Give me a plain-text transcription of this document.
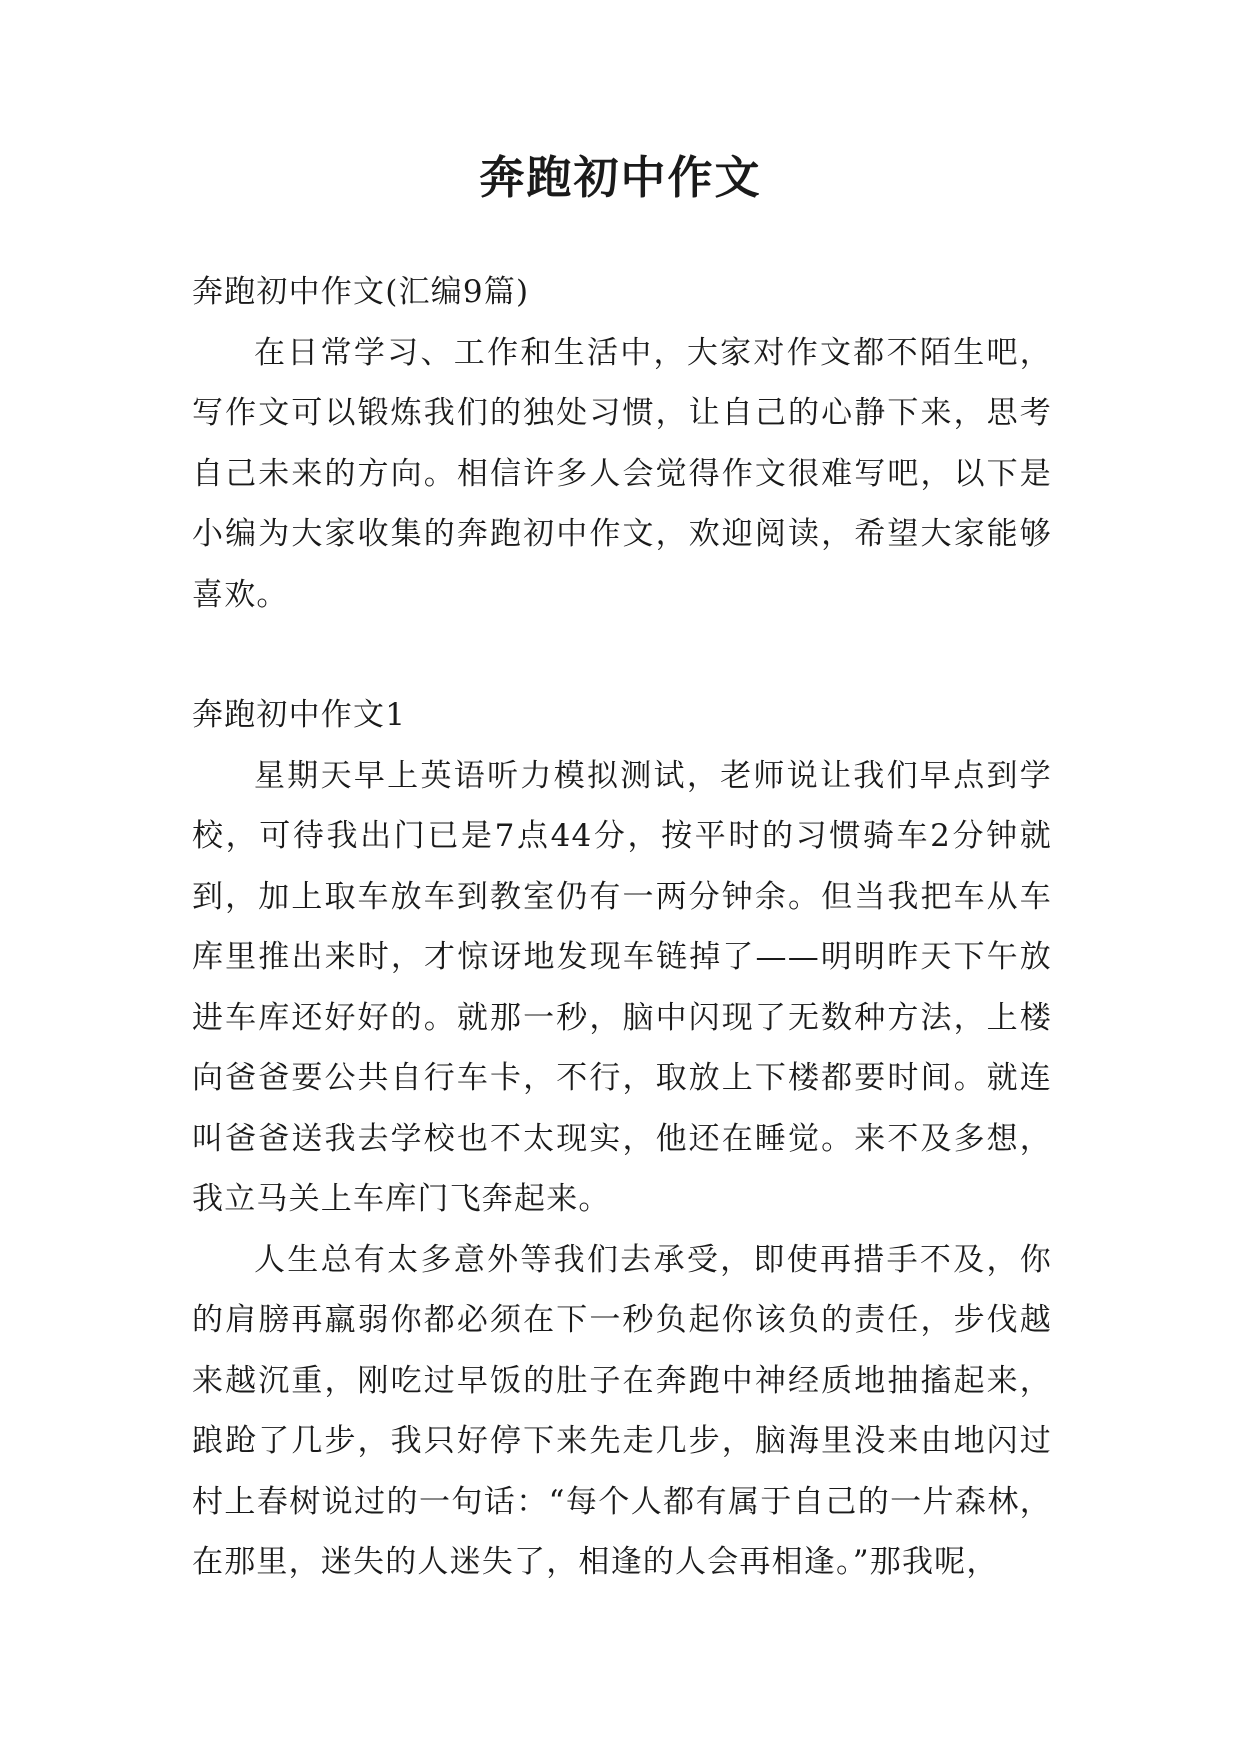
奔跑初中作文

奔跑初中作文(汇编9篇)

在日常学习、工作和生活中，大家对作文都不陌生吧，写作文可以锻炼我们的独处习惯，让自己的心静下来，思考自己未来的方向。相信许多人会觉得作文很难写吧，以下是小编为大家收集的奔跑初中作文，欢迎阅读，希望大家能够喜欢。

奔跑初中作文1

星期天早上英语听力模拟测试，老师说让我们早点到学校，可待我出门已是7点44分，按平时的习惯骑车2分钟就到，加上取车放车到教室仍有一两分钟余。但当我把车从车库里推出来时，才惊讶地发现车链掉了——明明昨天下午放进车库还好好的。就那一秒，脑中闪现了无数种方法，上楼向爸爸要公共自行车卡，不行，取放上下楼都要时间。就连叫爸爸送我去学校也不太现实，他还在睡觉。来不及多想，我立马关上车库门飞奔起来。

人生总有太多意外等我们去承受，即使再措手不及，你的肩膀再羸弱你都必须在下一秒负起你该负的责任，步伐越来越沉重，刚吃过早饭的肚子在奔跑中神经质地抽搐起来，踉跄了几步，我只好停下来先走几步，脑海里没来由地闪过村上春树说过的一句话：“每个人都有属于自己的一片森林，在那里，迷失的人迷失了，相逢的人会再相逢。”那我呢，
